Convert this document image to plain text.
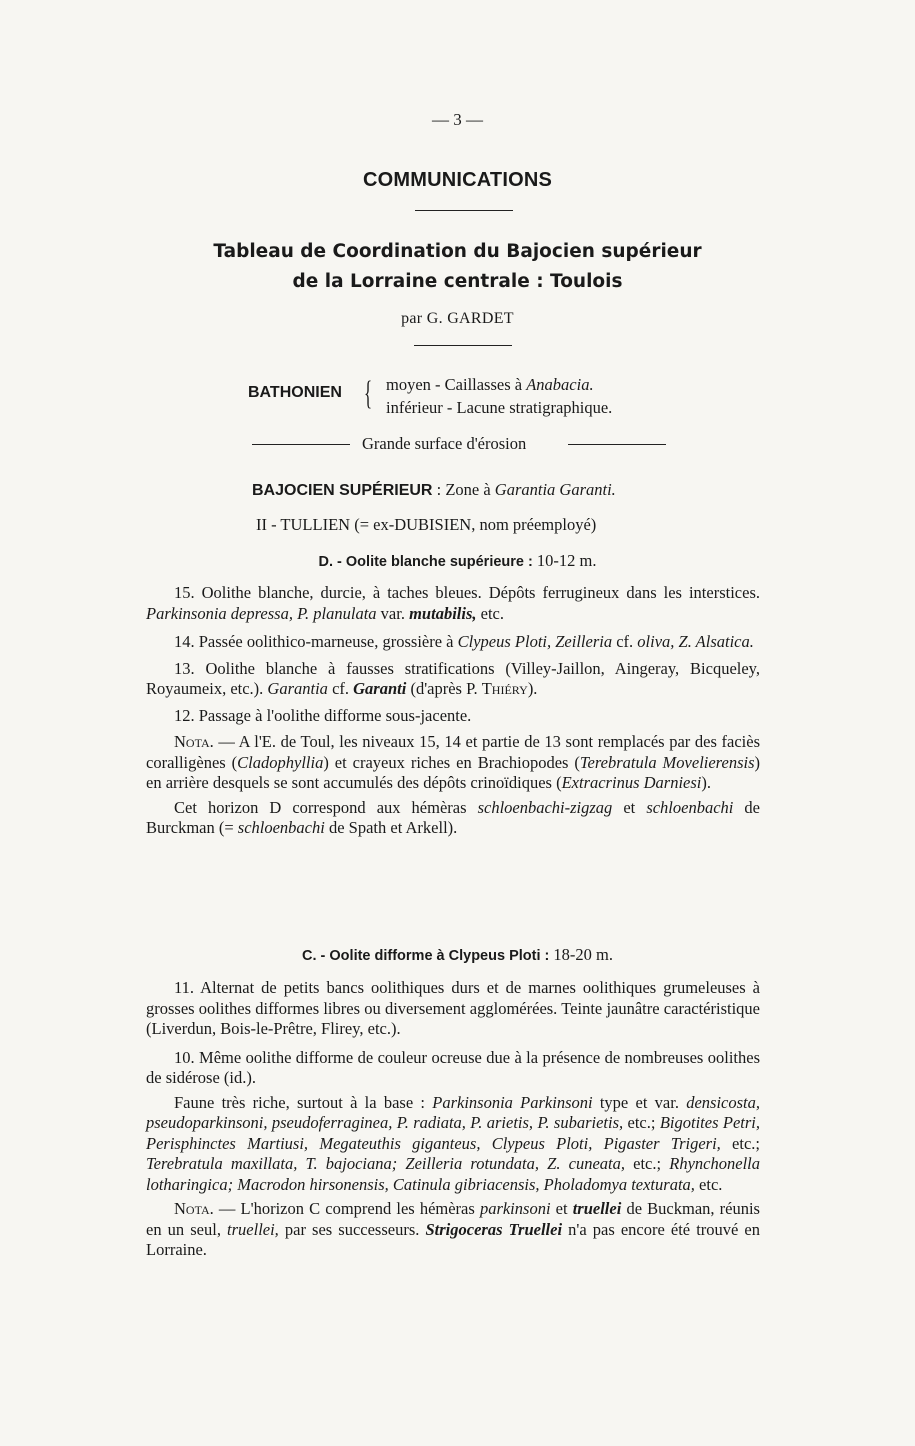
— 3 —
COMMUNICATIONS
Tableau de Coordination du Bajocien supérieur
de la Lorraine centrale : Toulois
par G. GARDET
BATHONIEN { moyen - Caillasses à Anabacia.
inférieur - Lacune stratigraphique.
Grande surface d'érosion
BAJOCIEN SUPÉRIEUR : Zone à Garantia Garanti.
II - TULLIEN (= ex-DUBISIEN, nom préemployé)
D. - Oolite blanche supérieure : 10-12 m.

15. Oolithe blanche, durcie, à taches bleues. Dépôts ferrugineux dans les interstices. Parkinsonia depressa, P. planulata var. mutabilis, etc.

14. Passée oolithico-marneuse, grossière à Clypeus Ploti, Zeilleria cf. oliva, Z. Alsatica.

13. Oolithe blanche à fausses stratifications (Villey-Jaillon, Aingeray, Bicqueley, Royaumeix, etc.). Garantia cf. Garanti (d'après P. Thiéry).

12. Passage à l'oolithe difforme sous-jacente.

Nota. — A l'E. de Toul, les niveaux 15, 14 et partie de 13 sont remplacés par des faciès coralligènes (Cladophyllia) et crayeux riches en Brachiopodes (Terebratula Movelierensis) en arrière desquels se sont accumulés des dépôts crinoïdiques (Extracrinus Darniesi).

Cet horizon D correspond aux hémèras schloenbachi-zigzag et schloenbachi de Burckman (= schloenbachi de Spath et Arkell).

C. - Oolite difforme à Clypeus Ploti : 18-20 m.

11. Alternat de petits bancs oolithiques durs et de marnes oolithiques grumeleuses à grosses oolithes difformes libres ou diversement agglomérées. Teinte jaunâtre caractéristique (Liverdun, Bois-le-Prêtre, Flirey, etc.).

10. Même oolithe difforme de couleur ocreuse due à la présence de nombreuses oolithes de sidérose (id.).

Faune très riche, surtout à la base : Parkinsonia Parkinsoni type et var. densicosta, pseudoparkinsoni, pseudoferraginea, P. radiata, P. arietis, P. subarietis, etc.; Bigotites Petri, Perisphinctes Martiusi, Megateuthis giganteus, Clypeus Ploti, Pigaster Trigeri, etc.; Terebratula maxillata, T. bajociana; Zeilleria rotundata, Z. cuneata, etc.; Rhynchonella lotharingica; Macrodon hirsonensis, Catinula gibriacensis, Pholadomya texturata, etc.

Nota. — L'horizon C comprend les hémèras parkinsoni et truellei de Buckman, réunis en un seul, truellei, par ses successeurs. Strigoceras Truellei n'a pas encore été trouvé en Lorraine.
